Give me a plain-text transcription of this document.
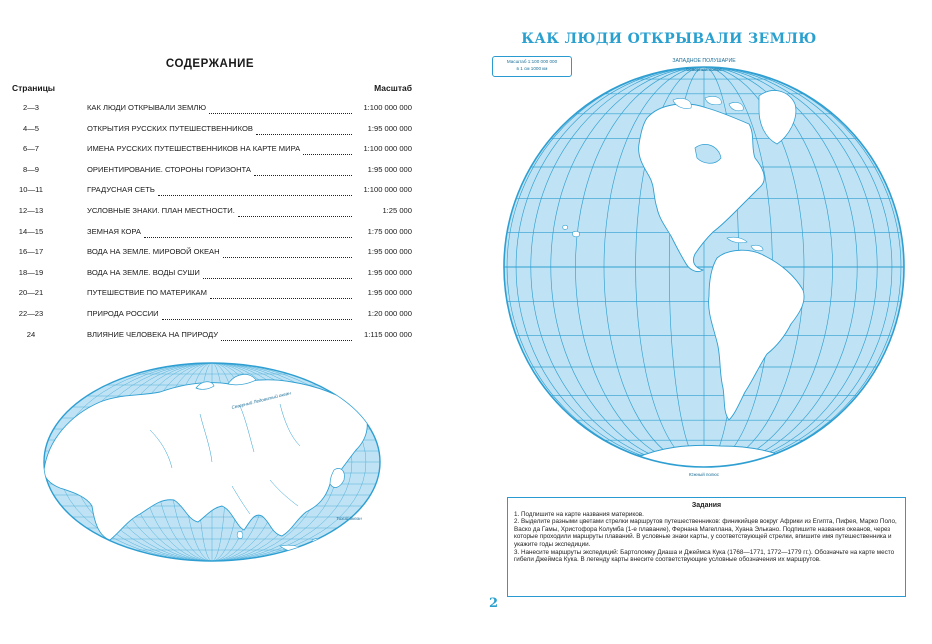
СОДЕРЖАНИЕ
Страницы	Масштаб
2—3	КАК ЛЮДИ ОТКРЫВАЛИ ЗЕМЛЮ	1:100 000 000
4—5	ОТКРЫТИЯ РУССКИХ ПУТЕШЕСТВЕННИКОВ	1:95 000 000
6—7	ИМЕНА РУССКИХ ПУТЕШЕСТВЕННИКОВ НА КАРТЕ МИРА	1:100 000 000
8—9	ОРИЕНТИРОВАНИЕ. СТОРОНЫ ГОРИЗОНТА	1:95 000 000
10—11	ГРАДУСНАЯ СЕТЬ	1:100 000 000
12—13	УСЛОВНЫЕ ЗНАКИ. ПЛАН МЕСТНОСТИ.	1:25 000
14—15	ЗЕМНАЯ КОРА	1:75 000 000
16—17	ВОДА НА ЗЕМЛЕ. МИРОВОЙ ОКЕАН	1:95 000 000
18—19	ВОДА НА ЗЕМЛЕ. ВОДЫ СУШИ	1:95 000 000
20—21	ПУТЕШЕСТВИЕ ПО МАТЕРИКАМ	1:95 000 000
22—23	ПРИРОДА РОССИИ	1:20 000 000
24	ВЛИЯНИЕ ЧЕЛОВЕКА НА ПРИРОДУ	1:115 000 000
Северный Ледовитый океан
Тихий океан
КАК ЛЮДИ ОТКРЫВАЛИ ЗЕМЛЮ
Масштаб 1:100 000 000
в 1 см 1000 км
ЗАПАДНОЕ ПОЛУШАРИЕ
Северный полюс
Южный полюс
Задания

1. Подпишите на карте названия материков.

2. Выделите разными цветами стрелки маршрутов путешественников: финикийцев вокруг Африки из Египта, Пифея, Марко Поло, Васко да Гамы, Христофора Колумба (1-е плавание), Фернана Магеллана, Хуана Элькано. Подпишите названия океанов, через которые проходили маршруты плаваний. В условные знаки карты, у соответствующей стрелки, впишите имя путешественника и укажите годы экспедиции.

3. Нанесите маршруты экспедиций: Бартоломеу Диаша и Джеймса Кука (1768—1771, 1772—1779 гг.). Обозначьте на карте место гибели Джеймса Кука. В легенду карты внесите соответствующие условные обозначения их маршрутов.

2
